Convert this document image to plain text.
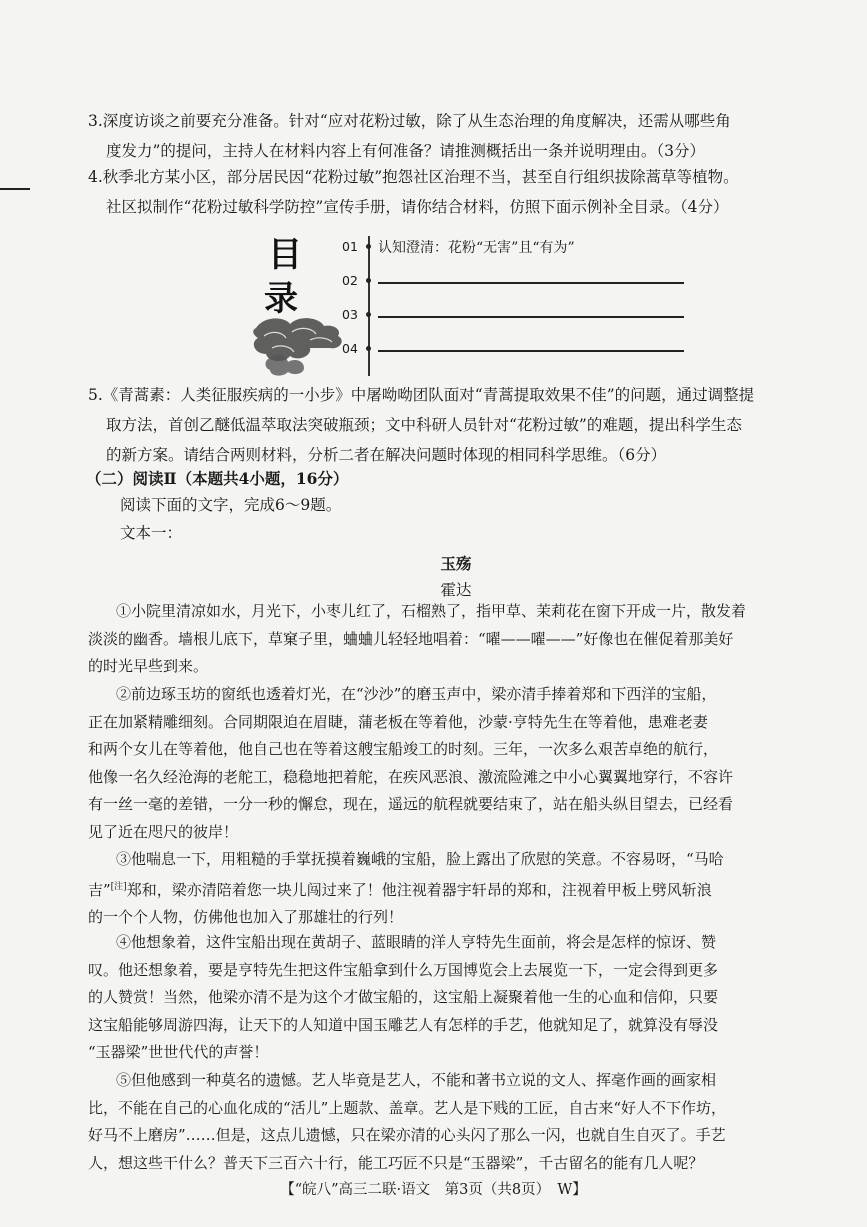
3.深度访谈之前要充分准备。针对“应对花粉过敏，除了从生态治理的角度解决，还需从哪些角
度发力”的提问，主持人在材料内容上有何准备？请推测概括出一条并说明理由。（3分）
4.秋季北方某小区，部分居民因“花粉过敏”抱怨社区治理不当，甚至自行组织拔除蒿草等植物。
社区拟制作“花粉过敏科学防控”宣传手册，请你结合材料，仿照下面示例补全目录。（4分）
目
录
01	认知澄清：花粉“无害”且“有为”
02
03
04
5.《青蒿素：人类征服疾病的一小步》中屠呦呦团队面对“青蒿提取效果不佳”的问题，通过调整提
取方法，首创乙醚低温萃取法突破瓶颈；文中科研人员针对“花粉过敏”的难题，提出科学生态
的新方案。请结合两则材料，分析二者在解决问题时体现的相同科学思维。（6分）
（二）阅读Ⅱ（本题共4小题，16分）
阅读下面的文字，完成6～9题。
文本一：
玉殇
霍达
①小院里清凉如水，月光下，小枣儿红了，石榴熟了，指甲草、茉莉花在窗下开成一片，散发着
淡淡的幽香。墙根儿底下，草窠子里，蛐蛐儿轻轻地唱着：“嚁——嚁——”好像也在催促着那美好
的时光早些到来。
②前边琢玉坊的窗纸也透着灯光，在“沙沙”的磨玉声中，梁亦清手捧着郑和下西洋的宝船，
正在加紧精雕细刻。合同期限迫在眉睫，蒲老板在等着他，沙蒙·亨特先生在等着他，患难老妻
和两个女儿在等着他，他自己也在等着这艘宝船竣工的时刻。三年，一次多么艰苦卓绝的航行，
他像一名久经沧海的老舵工，稳稳地把着舵，在疾风恶浪、激流险滩之中小心翼翼地穿行，不容许
有一丝一毫的差错，一分一秒的懈怠，现在，遥远的航程就要结束了，站在船头纵目望去，已经看
见了近在咫尺的彼岸！
③他喘息一下，用粗糙的手掌抚摸着巍峨的宝船，脸上露出了欣慰的笑意。不容易呀，“马哈
吉”[注]郑和，梁亦清陪着您一块儿闯过来了！他注视着器宇轩昂的郑和，注视着甲板上劈风斩浪
的一个个人物，仿佛他也加入了那雄壮的行列！
④他想象着，这件宝船出现在黄胡子、蓝眼睛的洋人亨特先生面前，将会是怎样的惊讶、赞
叹。他还想象着，要是亨特先生把这件宝船拿到什么万国博览会上去展览一下，一定会得到更多
的人赞赏！当然，他梁亦清不是为这个才做宝船的，这宝船上凝聚着他一生的心血和信仰，只要
这宝船能够周游四海，让天下的人知道中国玉雕艺人有怎样的手艺，他就知足了，就算没有辱没
“玉器梁”世世代代的声誉！
⑤但他感到一种莫名的遗憾。艺人毕竟是艺人，不能和著书立说的文人、挥毫作画的画家相
比，不能在自己的心血化成的“活儿”上题款、盖章。艺人是下贱的工匠，自古来“好人不下作坊，
好马不上磨房”……但是，这点儿遗憾，只在梁亦清的心头闪了那么一闪，也就自生自灭了。手艺
人，想这些干什么？普天下三百六十行，能工巧匠不只是“玉器梁”，千古留名的能有几人呢？
【“皖八”高三二联·语文　第3页（共8页）　W】
